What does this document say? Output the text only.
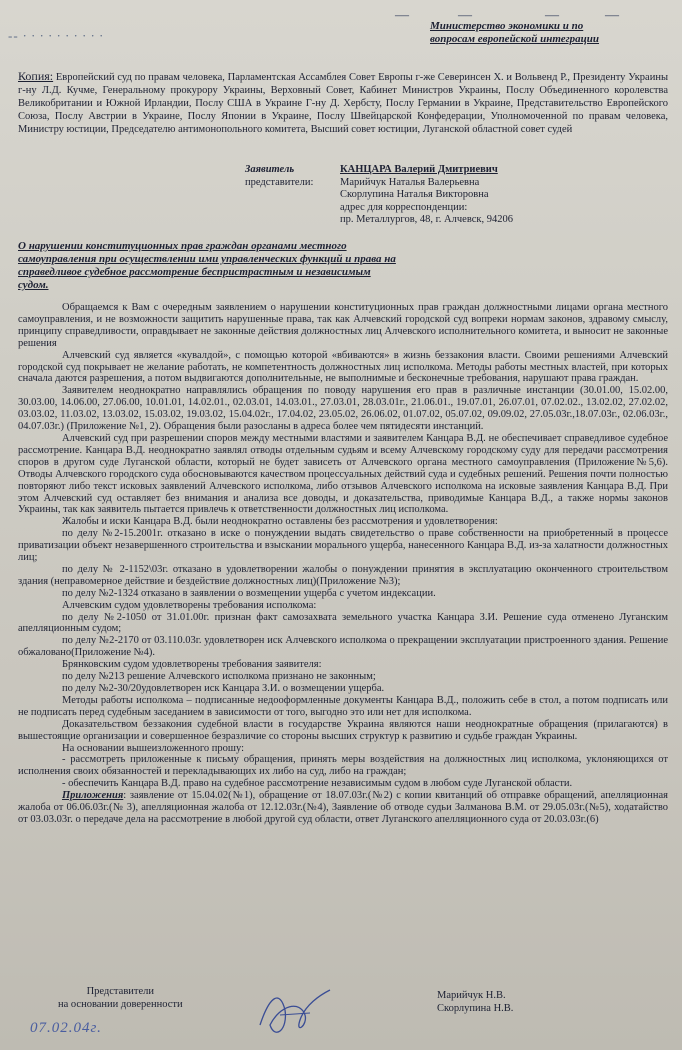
-- · · · · · · · · · ·
—	—	—	—
Министерство экономики и по
вопросам европейской интеграции
Копия: Европейский суд по правам человека, Парламентская Ассамблея Совет Европы г-же Северинсен Х. и Вольвенд Р., Президенту Украины г-ну Л.Д. Кучме, Генеральному прокурору Украины, Верховный Совет, Кабинет Министров Украины, Послу Объединенного королевства Великобритании и Южной Ирландии, Послу США в Украине Г-ну Д. Хербсту, Послу Германии в Украине, Представительство Европейского Союза, Послу Австрии в Украине, Послу Японии в Украине, Послу Швейцарской Конфедерации, Уполномоченной по правам человека, Министру юстиции, Председателю антимонопольного комитета, Высший совет юстиции, Луганской областной совет судей
Заявитель	КАНЦАРА Валерий Дмитриевич
представители:	Марийчук Наталья Валерьевна
Скорлупина Наталья Викторовна
адрес для корреспонденции:
пр. Металлургов, 48, г. Алчевск, 94206
О нарушении конституционных прав граждан органами местного самоуправления при осуществлении ими управленческих функций и права на справедливое судебное рассмотрение беспристрастным и независимым судом.

Обращаемся к Вам с очередным заявлением о нарушении конституционных прав граждан должностными лицами органа местного самоуправления, и не возможности защитить нарушенные права, так как Алчевский городской суд вопреки нормам законов, здравому смыслу, принципу справедливости, оправдывает не законные действия должностных лиц Алчевского исполнительного комитета, и выносит не законные решения

Алчевский суд является «кувалдой», с помощью которой «вбиваются» в жизнь беззакония власти. Своими решениями Алчевский городской суд покрывает не желание работать, не компетентность должностных лиц исполкома. Методы работы местных властей, при которых сначала даются разрешения, а потом выдвигаются дополнительные, не выполнимые и бесконечные требования, нарушают права граждан.

Заявителем неоднократно направлялись обращения по поводу нарушения его прав в различные инстанции (30.01.00, 15.02.00, 30.03.00, 14.06.00, 27.06.00, 10.01.01, 14.02.01., 02.03.01, 14.03.01., 27.03.01, 28.03.01г., 21.06.01., 19.07.01, 26.07.01, 07.02.02., 13.02.02, 27.02.02, 03.03.02, 11.03.02, 13.03.02, 15.03.02, 19.03.02, 15.04.02г., 17.04.02, 23.05.02, 26.06.02, 01.07.02, 05.07.02, 09.09.02, 27.05.03г.,18.07.03г., 02.06.03г., 04.07.03г.) (Приложение №1, 2). Обращения были разосланы в адреса более чем пятидесяти инстанций.

Алчевский суд при разрешении споров между местными властями и заявителем Канцара В.Д. не обеспечивает справедливое судебное рассмотрение. Канцара В.Д. неоднократно заявлял отводы отдельным судьям и всему Алчевскому городскому суду для передачи рассмотрения споров в другом суде Луганской области, который не будет зависеть от Алчевского органа местного самоуправления (Приложение№5,6). Отводы Алчевского городского суда обосновываются качеством процессуальных действий суда и судебных решений. Решения почти полностью повторяют либо текст исковых заявлений Алчевского исполкома, либо отзывов Алчевского исполкома на исковые заявления Канцара В.Д. При этом Алчевский суд оставляет без внимания и анализа все доводы, и доказательства, приводимые Канцара В.Д., а также нормы законов Украины, так как заявитель пытается привлечь к ответственности должностных лиц исполкома.

Жалобы и иски Канцара В.Д. были неоднократно оставлены без рассмотрения и удовлетворения:

по делу №2-15.2001г. отказано в иске о понуждении выдать свидетельство о праве собственности на приобретенный в процессе приватизации объект незавершенного строительства и взыскании морального ущерба, нанесенного Канцара В.Д. из-за халатности должностных лиц;

по делу № 2-1152\03г. отказано в удовлетворении жалобы о понуждении принятия в эксплуатацию оконченного строительством здания (неправомерное действие и бездействие должностных лиц)(Приложение №3);

по делу №2-1324 отказано в заявлении о возмещении ущерба с учетом индексации.

Алчевским судом удовлетворены требования исполкома:

по делу №2-1050 от 31.01.00г. признан факт самозахвата земельного участка Канцара З.И. Решение суда отменено Луганским апелляционным судом;

по делу №2-2170 от 03.110.03г. удовлетворен иск Алчевского исполкома о прекращении эксплуатации пристроенного здания. Решение обжаловано(Приложение №4).

Брянковским судом удовлетворены требования заявителя:

по делу №213 решение Алчевского исполкома признано не законным;

по делу №2-30/20удовлетворен иск Канцара З.И. о возмещении ущерба.

Методы работы исполкома – подписанные недооформленные документы Канцара В.Д., положить себе в стол, а потом подписать или не подписать перед судебным заседанием в зависимости от того, выгодно это или нет для исполкома.

Доказательством беззакония судебной власти в государстве Украина являются наши неоднократные обращения (прилагаются) в вышестоящие организации и совершенное безразличие со стороны высших структур к развитию и судьбе граждан Украины.

На основании вышеизложенного прошу:

- рассмотреть приложенные к письму обращения, принять меры воздействия на должностных лиц исполкома, уклоняющихся от исполнения своих обязанностей и перекладывающих их либо на суд, либо на граждан;

- обеспечить Канцара В.Д. право на судебное рассмотрение независимым судом в любом суде Луганской области.

Приложения: заявление от 15.04.02(№1), обращение от 18.07.03г.(№2) с копии квитанций об отправке обращений, апелляционная жалоба от 06.06.03г.(№ 3), апелляционная жалоба от 12.12.03г.(№4), Заявление об отводе судьи Залманова В.М. от 29.05.03г.(№5), ходатайство от 03.03.03г. о передаче дела на рассмотрение в любой другой суд области, ответ Луганского апелляционного суда от 20.03.03г.(6)

Представители
на основании доверенности
07.02.04г.
Марийчук Н.В.
Скорлупина Н.В.
